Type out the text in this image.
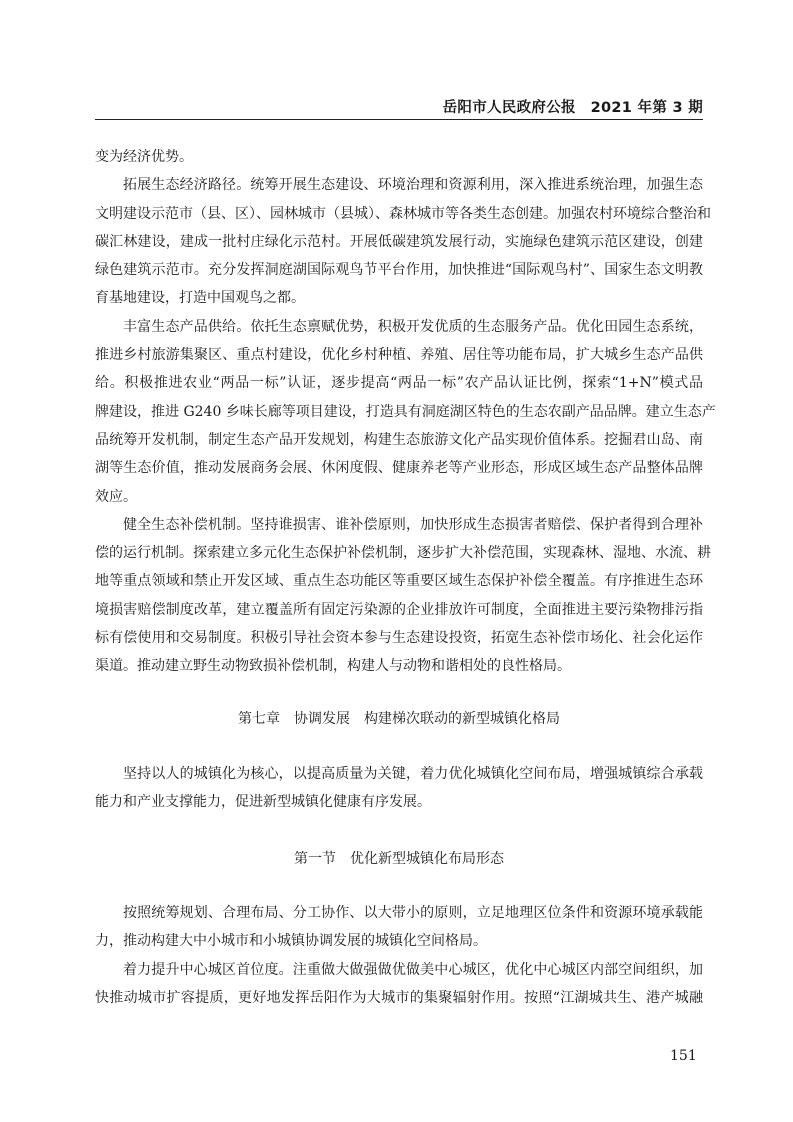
岳阳市人民政府公报　2021 年第 3 期
变为经济优势。
拓展生态经济路径。统筹开展生态建设、环境治理和资源利用，深入推进系统治理，加强生态
文明建设示范市（县、区）、园林城市（县城）、森林城市等各类生态创建。加强农村环境综合整治和
碳汇林建设，建成一批村庄绿化示范村。开展低碳建筑发展行动，实施绿色建筑示范区建设，创建
绿色建筑示范市。充分发挥洞庭湖国际观鸟节平台作用，加快推进“国际观鸟村”、国家生态文明教
育基地建设，打造中国观鸟之都。
丰富生态产品供给。依托生态禀赋优势，积极开发优质的生态服务产品。优化田园生态系统，
推进乡村旅游集聚区、重点村建设，优化乡村种植、养殖、居住等功能布局，扩大城乡生态产品供
给。积极推进农业“两品一标”认证，逐步提高“两品一标”农产品认证比例，探索“1+N”模式品
牌建设，推进 G240 乡味长廊等项目建设，打造具有洞庭湖区特色的生态农副产品品牌。建立生态产
品统筹开发机制，制定生态产品开发规划，构建生态旅游文化产品实现价值体系。挖掘君山岛、南
湖等生态价值，推动发展商务会展、休闲度假、健康养老等产业形态，形成区域生态产品整体品牌
效应。
健全生态补偿机制。坚持谁损害、谁补偿原则，加快形成生态损害者赔偿、保护者得到合理补
偿的运行机制。探索建立多元化生态保护补偿机制，逐步扩大补偿范围，实现森林、湿地、水流、耕
地等重点领域和禁止开发区域、重点生态功能区等重要区域生态保护补偿全覆盖。有序推进生态环
境损害赔偿制度改革，建立覆盖所有固定污染源的企业排放许可制度，全面推进主要污染物排污指
标有偿使用和交易制度。积极引导社会资本参与生态建设投资，拓宽生态补偿市场化、社会化运作
渠道。推动建立野生动物致损补偿机制，构建人与动物和谐相处的良性格局。
第七章　协调发展　构建梯次联动的新型城镇化格局
坚持以人的城镇化为核心，以提高质量为关键，着力优化城镇化空间布局，增强城镇综合承载
能力和产业支撑能力，促进新型城镇化健康有序发展。
第一节　优化新型城镇化布局形态
按照统筹规划、合理布局、分工协作、以大带小的原则，立足地理区位条件和资源环境承载能
力，推动构建大中小城市和小城镇协调发展的城镇化空间格局。
着力提升中心城区首位度。注重做大做强做优做美中心城区，优化中心城区内部空间组织，加
快推动城市扩容提质，更好地发挥岳阳作为大城市的集聚辐射作用。按照“江湖城共生、港产城融
151
